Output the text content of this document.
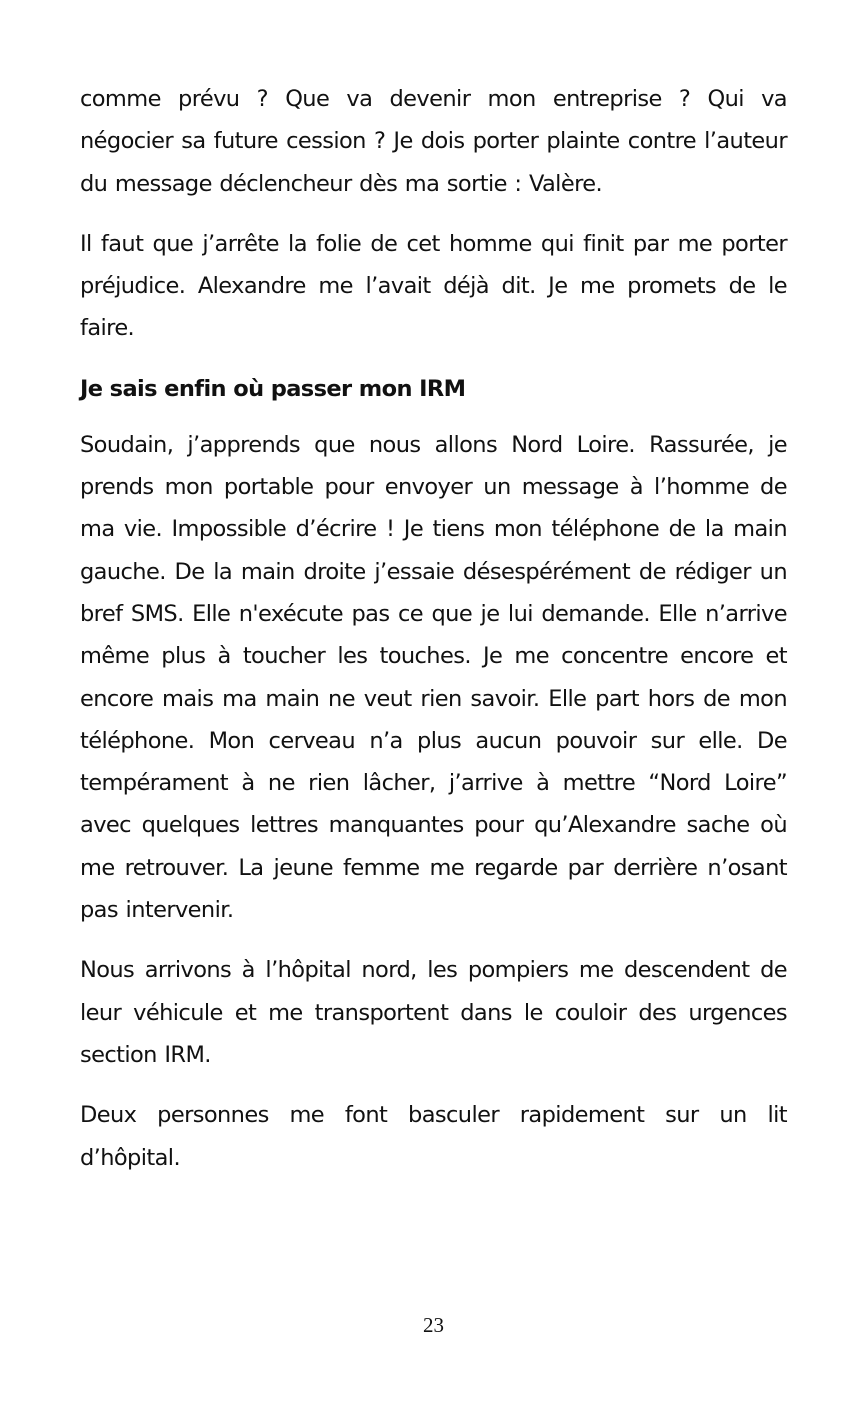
comme prévu ? Que va devenir mon entreprise ? Qui va négocier sa future cession ? Je dois porter plainte contre l’auteur du message déclencheur dès ma sortie : Valère.

Il faut que j’arrête la folie de cet homme qui finit par me porter préjudice. Alexandre me l’avait déjà dit. Je me promets de le faire.

Je sais enfin où passer mon IRM

Soudain, j’apprends que nous allons Nord Loire. Rassurée, je prends mon portable pour envoyer un message à l’homme de ma vie. Impossible d’écrire ! Je tiens mon téléphone de la main gauche. De la main droite j’essaie désespérément de rédiger un bref SMS. Elle n'exécute pas ce que je lui demande. Elle n’arrive même plus à toucher les touches. Je me concentre encore et encore mais ma main ne veut rien savoir. Elle part hors de mon téléphone. Mon cerveau n’a plus aucun pouvoir sur elle. De tempérament à ne rien lâcher, j’arrive à mettre “Nord Loire” avec quelques lettres manquantes pour qu’Alexandre sache où me retrouver. La jeune femme me regarde par derrière n’osant pas intervenir.

Nous arrivons à l’hôpital nord, les pompiers me descendent de leur véhicule et me transportent dans le couloir des urgences section IRM.

Deux personnes me font basculer rapidement sur un lit d’hôpital.

23
